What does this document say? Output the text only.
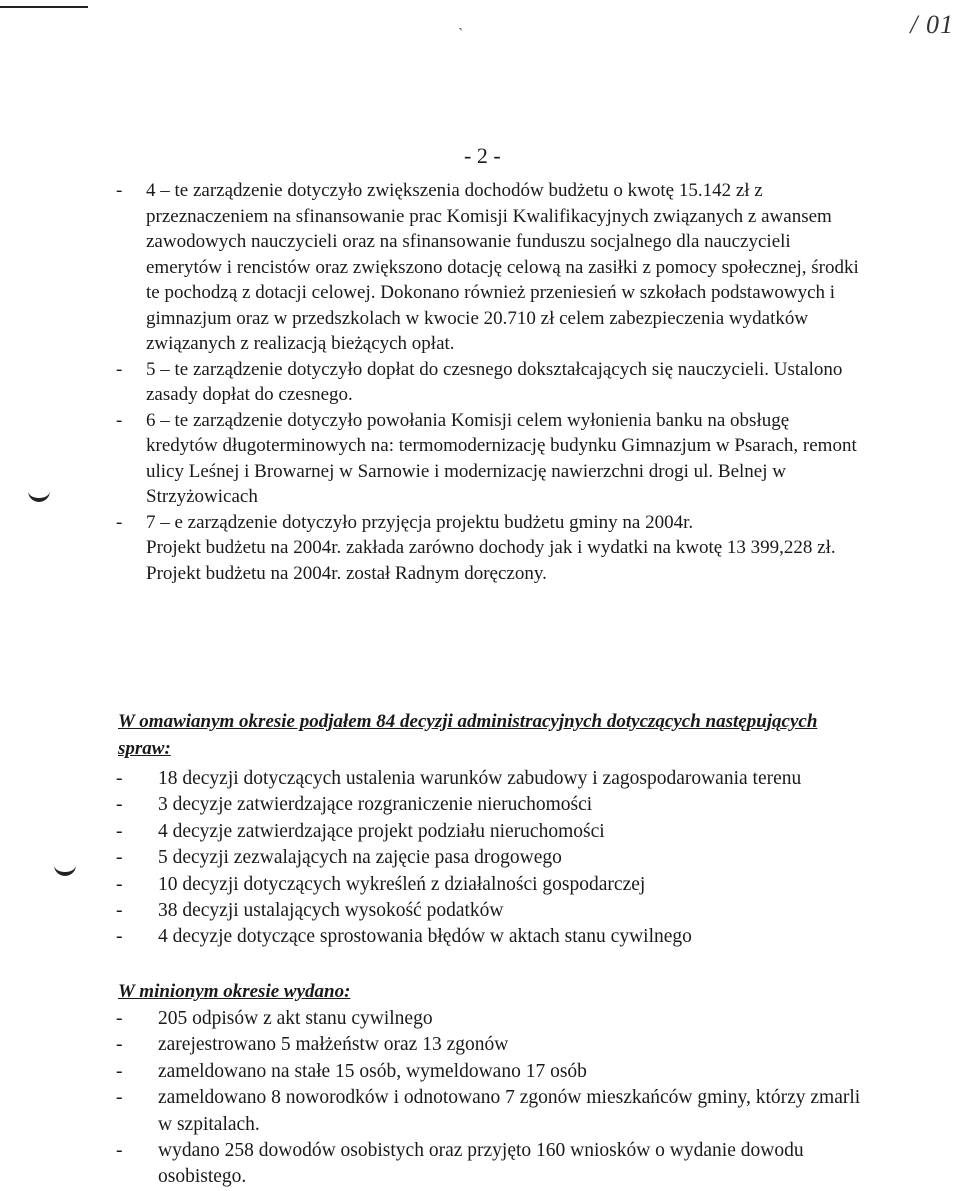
`	/ 01
- 2 -
- 4 – te zarządzenie dotyczyło zwiększenia dochodów budżetu o kwotę 15.142 zł z przeznaczeniem na sfinansowanie prac Komisji Kwalifikacyjnych związanych z awansem zawodowych nauczycieli oraz na sfinansowanie funduszu socjalnego dla nauczycieli emerytów i rencistów oraz zwiększono dotację celową na zasiłki z pomocy społecznej, środki te pochodzą z dotacji celowej. Dokonano również przeniesień w szkołach podstawowych i gimnazjum oraz w przedszkolach w kwocie 20.710 zł celem zabezpieczenia wydatków związanych z realizacją bieżących opłat.
- 5 – te zarządzenie dotyczyło dopłat do czesnego dokształcających się nauczycieli. Ustalono zasady dopłat do czesnego.
- 6 – te zarządzenie dotyczyło powołania Komisji celem wyłonienia banku na obsługę kredytów długoterminowych na: termomodernizację budynku Gimnazjum w Psarach, remont ulicy Leśnej i Browarnej w Sarnowie i modernizację nawierzchni drogi ul. Belnej w Strzyżowicach
- 7 – e zarządzenie dotyczyło przyjęcja projektu budżetu gminy na 2004r.
Projekt budżetu na 2004r. zakłada zarówno dochody jak i wydatki na kwotę 13 399,228 zł.
Projekt budżetu na 2004r. został Radnym doręczony.
W omawianym okresie podjałem 84 decyzji administracyjnych dotyczących następujących spraw:
- 18 decyzji dotyczących ustalenia warunków zabudowy i zagospodarowania terenu
- 3 decyzje zatwierdzające rozgraniczenie nieruchomości
- 4 decyzje zatwierdzające projekt podziału nieruchomości
- 5 decyzji zezwalających na zajęcie pasa drogowego
- 10 decyzji dotyczących wykreśleń z działalności gospodarczej
- 38 decyzji ustalających wysokość podatków
- 4 decyzje dotyczące sprostowania błędów w aktach stanu cywilnego
W minionym okresie wydano:
- 205 odpisów z akt stanu cywilnego
- zarejestrowano 5 małżeństw oraz 13 zgonów
- zameldowano na stałe 15 osób, wymeldowano 17 osób
- zameldowano 8 noworodków i odnotowano 7 zgonów mieszkańców gminy, którzy zmarli w szpitalach.
- wydano 258 dowodów osobistych oraz przyjęto 160 wniosków o wydanie dowodu osobistego.
